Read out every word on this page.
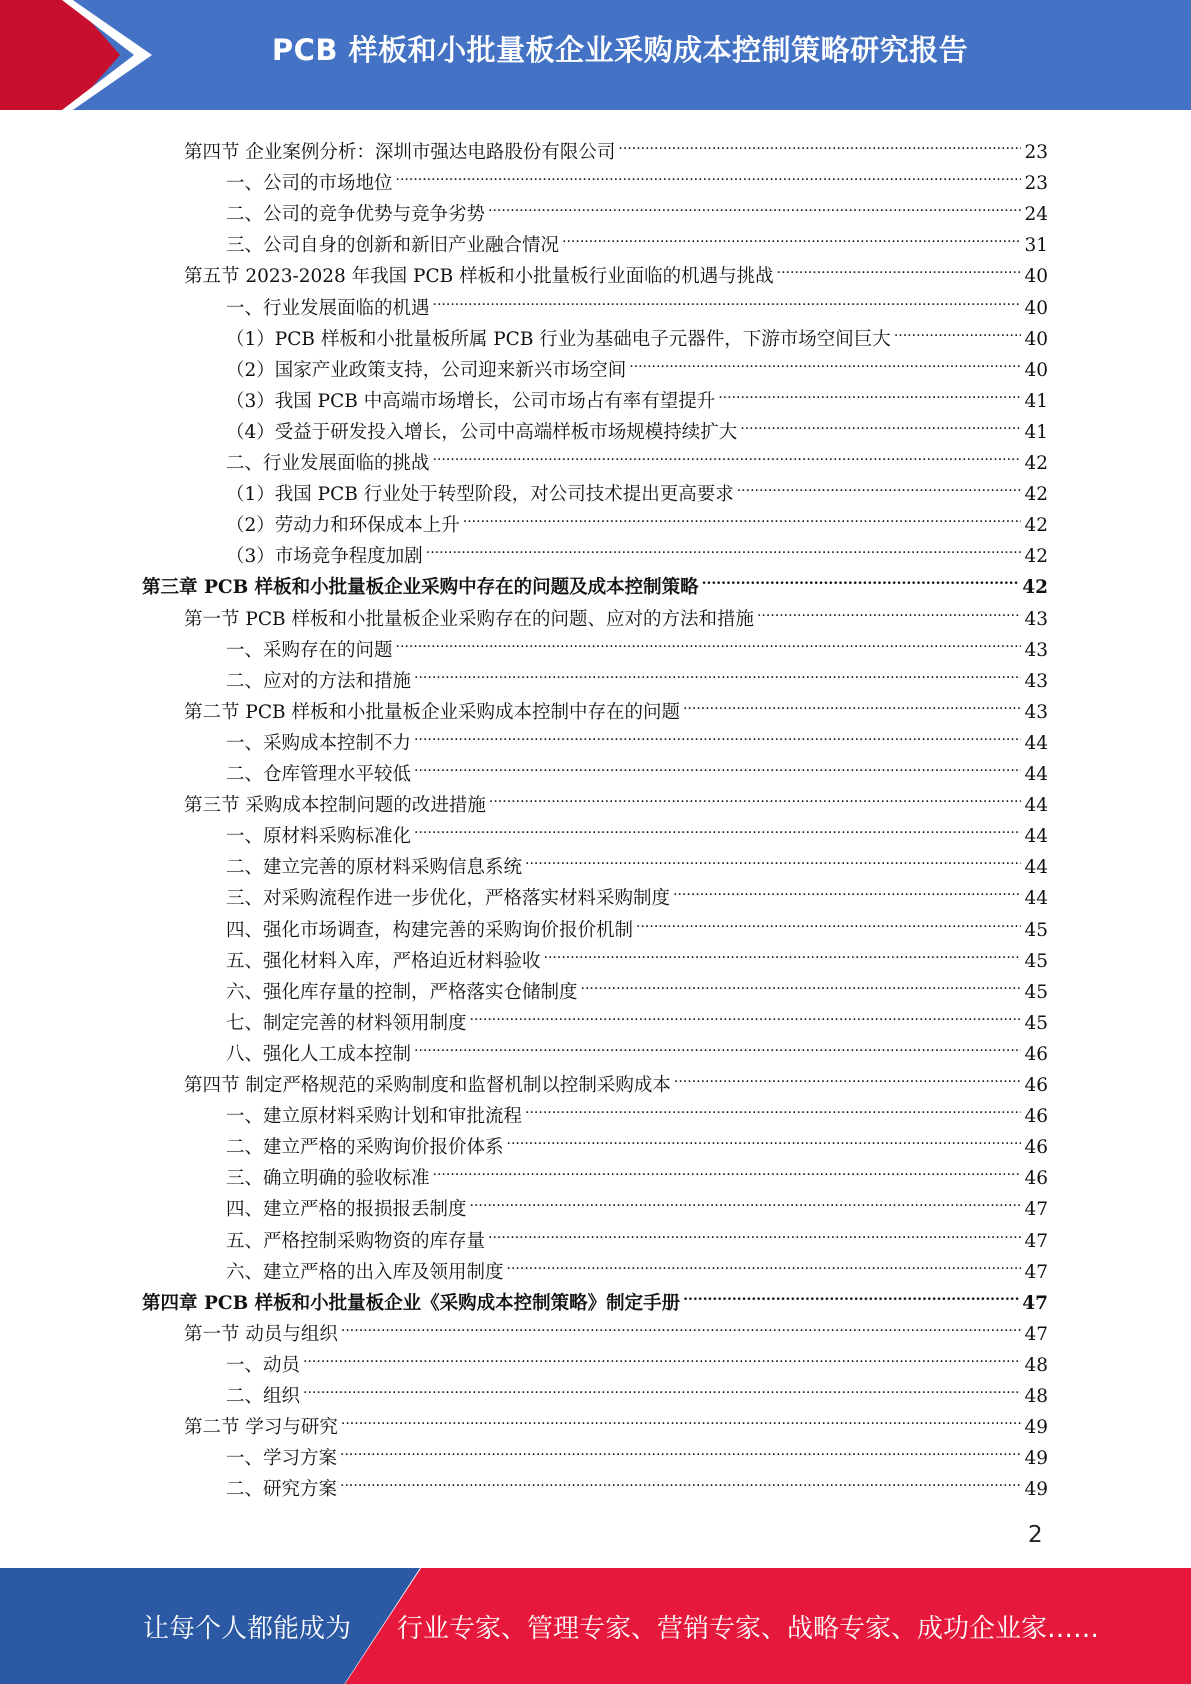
PCB 样板和小批量板企业采购成本控制策略研究报告
第四节 企业案例分析：深圳市强达电路股份有限公司 .....	23
一、公司的市场地位 .....	23
二、公司的竞争优势与竞争劣势 .....	24
三、公司自身的创新和新旧产业融合情况 .....	31
第五节 2023-2028 年我国 PCB 样板和小批量板行业面临的机遇与挑战 .....	40
一、行业发展面临的机遇 .....	40
（1）PCB 样板和小批量板所属 PCB 行业为基础电子元器件，下游市场空间巨大 .....	40
（2）国家产业政策支持，公司迎来新兴市场空间 .....	40
（3）我国 PCB 中高端市场增长，公司市场占有率有望提升 .....	41
（4）受益于研发投入增长，公司中高端样板市场规模持续扩大 .....	41
二、行业发展面临的挑战 .....	42
（1）我国 PCB 行业处于转型阶段，对公司技术提出更高要求 .....	42
（2）劳动力和环保成本上升 .....	42
（3）市场竞争程度加剧 .....	42
第三章 PCB 样板和小批量板企业采购中存在的问题及成本控制策略 .....	42
第一节 PCB 样板和小批量板企业采购存在的问题、应对的方法和措施 .....	43
一、采购存在的问题 .....	43
二、应对的方法和措施 .....	43
第二节 PCB 样板和小批量板企业采购成本控制中存在的问题 .....	43
一、采购成本控制不力 .....	44
二、仓库管理水平较低 .....	44
第三节 采购成本控制问题的改进措施 .....	44
一、原材料采购标准化 .....	44
二、建立完善的原材料采购信息系统 .....	44
三、对采购流程作进一步优化，严格落实材料采购制度 .....	44
四、强化市场调查，构建完善的采购询价报价机制 .....	45
五、强化材料入库，严格迫近材料验收 .....	45
六、强化库存量的控制，严格落实仓储制度 .....	45
七、制定完善的材料领用制度 .....	45
八、强化人工成本控制 .....	46
第四节 制定严格规范的采购制度和监督机制以控制采购成本 .....	46
一、建立原材料采购计划和审批流程 .....	46
二、建立严格的采购询价报价体系 .....	46
三、确立明确的验收标准 .....	46
四、建立严格的报损报丢制度 .....	47
五、严格控制采购物资的库存量 .....	47
六、建立严格的出入库及领用制度 .....	47
第四章 PCB 样板和小批量板企业《采购成本控制策略》制定手册 .....	47
第一节 动员与组织 .....	47
一、动员 .....	48
二、组织 .....	48
第二节 学习与研究 .....	49
一、学习方案 .....	49
二、研究方案 .....	49
2
让每个人都能成为 行业专家、管理专家、营销专家、战略专家、成功企业家……
